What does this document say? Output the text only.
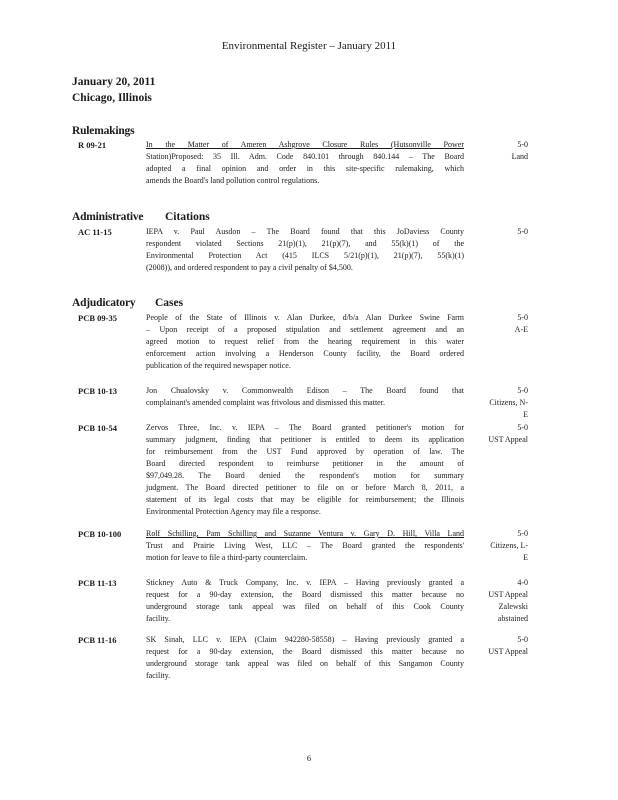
Environmental Register – January 2011
January 20, 2011
Chicago, Illinois
Rulemakings
Administrative Citations
Adjudicatory Cases
R 09-21	In the Matter of Ameren Ashgrove Closure Rules (Hutsonville Power
Station)Proposed: 35 Ill. Adm. Code 840.101 through 840.144 – The Board
adopted a final opinion and order in this site-specific rulemaking, which
amends the Board's land pollution control regulations.
5-0
Land
AC 11-15	IEPA v. Paul Ausdon – The Board found that this JoDaviess County
respondent violated Sections 21(p)(1), 21(p)(7), and 55(k)(1) of the
Environmental Protection Act (415 ILCS 5/21(p)(1), 21(p)(7), 55(k)(1)
(2008)), and ordered respondent to pay a civil penalty of $4,500.
5-0
PCB 09-35	People of the State of Illinois v. Alan Durkee, d/b/a Alan Durkee Swine Farm
– Upon receipt of a proposed stipulation and settlement agreement and an
agreed motion to request relief from the hearing requirement in this water
enforcement action involving a Henderson County facility, the Board ordered
publication of the required newspaper notice.
5-0
A-E
PCB 10-13	Jon Chualovsky v. Commonwealth Edison – The Board found that
complainant's amended complaint was frivolous and dismissed this matter.
5-0
Citizens, N-
E
PCB 10-54	Zervos Three, Inc. v. IEPA – The Board granted petitioner's motion for
summary judgment, finding that petitioner is entitled to deem its application
for reimbursement from the UST Fund approved by operation of law. The
Board directed respondent to reimburse petitioner in the amount of
$97,049.28. The Board denied the respondent's motion for summary
judgment. The Board directed petitioner to file on or before March 8, 2011, a
statement of its legal costs that may be eligible for reimbursement; the Illinois
Environmental Protection Agency may file a response.
5-0
UST Appeal
PCB 10-100	Rolf Schilling, Pam Schilling and Suzanne Ventura v. Gary D. Hill, Villa Land
Trust and Prairie Living West, LLC – The Board granted the respondents'
motion for leave to file a third-party counterclaim.
5-0
Citizens, L-
E
PCB 11-13	Stickney Auto & Truck Company, Inc. v. IEPA – Having previously granted a
request for a 90-day extension, the Board dismissed this matter because no
underground storage tank appeal was filed on behalf of this Cook County
facility.
4-0
UST Appeal
Zalewski
abstained
PCB 11-16	SK Sinah, LLC v. IEPA (Claim 942280-58558) – Having previously granted a
request for a 90-day extension, the Board dismissed this matter because no
underground storage tank appeal was filed on behalf of this Sangamon County
facility.
5-0
UST Appeal
6
